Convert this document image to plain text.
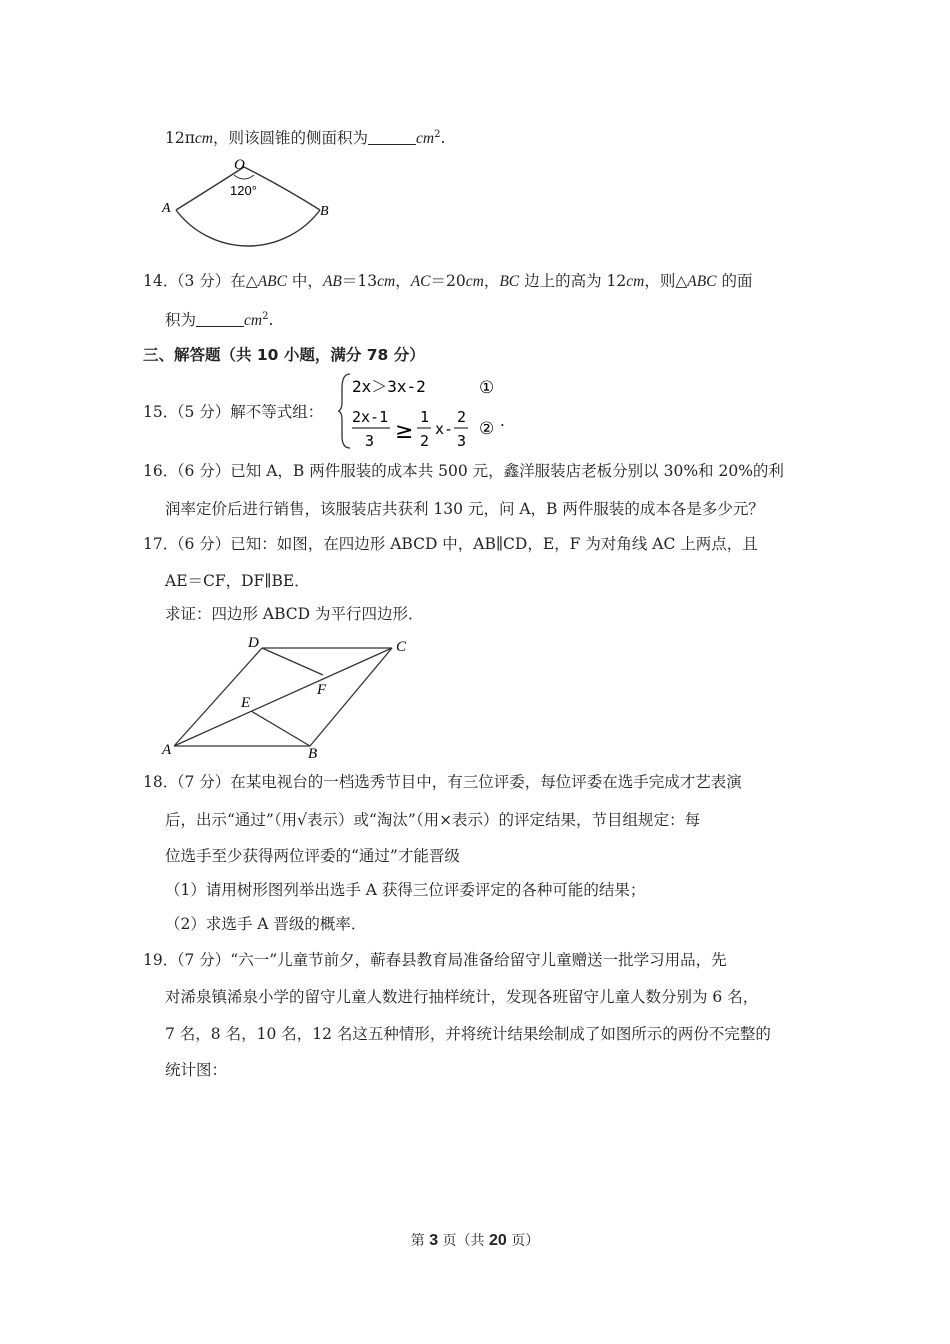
12πcm，则该圆锥的侧面积为	$cm^2$.
O
120°
A	B
14．（3 分）在△ABC 中，AB＝13cm，AC＝20cm，BC 边上的高为 12cm，则△ABC 的面
积为	$cm^2$.
三、解答题（共 10 小题，满分 78 分）
15．（5 分）解不等式组：
2x＞3x-2	①
2x-1
3 ≥
1
2
x-
2
3
② .
16．（6 分）已知 A，B 两件服装的成本共 500 元，鑫洋服装店老板分别以 30%和 20%的利
润率定价后进行销售，该服装店共获利 130 元，问 A，B 两件服装的成本各是多少元？
17．（6 分）已知：如图，在四边形 ABCD 中，AB∥CD，E，F 为对角线 AC 上两点，且
AE＝CF，DF∥BE．
求证：四边形 ABCD 为平行四边形．
A	B
C
D
E
F
18．（7 分）在某电视台的一档选秀节目中，有三位评委，每位评委在选手完成才艺表演
后，出示“通过”（用√表示）或“淘汰”（用×表示）的评定结果，节目组规定：每
位选手至少获得两位评委的“通过”才能晋级
（1）请用树形图列举出选手 A 获得三位评委评定的各种可能的结果；
（2）求选手 A 晋级的概率．
19．（7 分）“六一”儿童节前夕，蕲春县教育局准备给留守儿童赠送一批学习用品，先
对浠泉镇浠泉小学的留守儿童人数进行抽样统计，发现各班留守儿童人数分别为 6 名，
7 名，8 名，10 名，12 名这五种情形，并将统计结果绘制成了如图所示的两份不完整的
统计图：
第 3 页（共 20 页）
